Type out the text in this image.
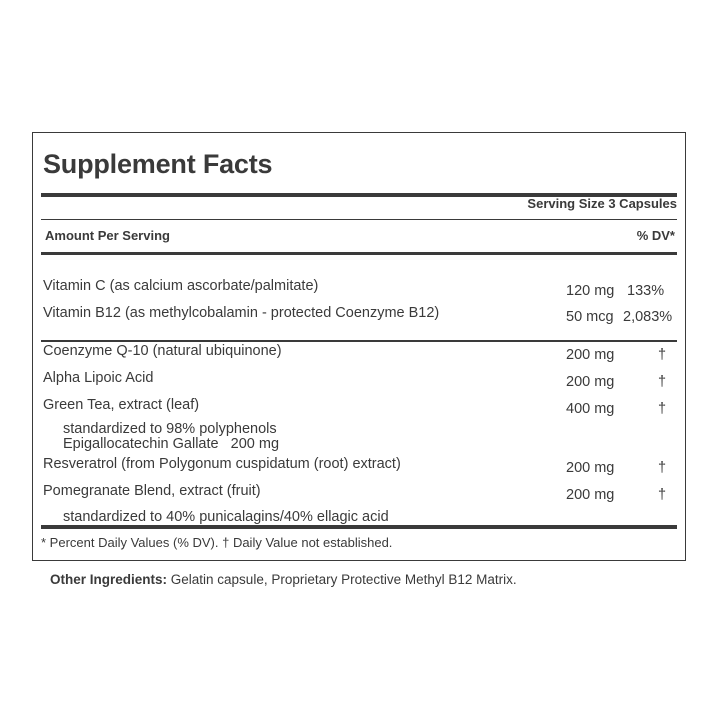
Supplement Facts
Serving Size 3 Capsules
Amount Per Serving	% DV*
Vitamin C (as calcium ascorbate/palmitate)	120 mg 133%
Vitamin B12 (as methylcobalamin - protected Coenzyme B12)	50 mcg 2,083%
Coenzyme Q-10 (natural ubiquinone)	200 mg	†
Alpha Lipoic Acid	200 mg	†
Green Tea, extract (leaf)	400 mg	†
standardized to 98% polyphenols
Epigallocatechin Gallate   200 mg
Resveratrol (from Polygonum cuspidatum (root) extract)	200 mg	†
Pomegranate Blend, extract (fruit)	200 mg	†
standardized to 40% punicalagins/40% ellagic acid
* Percent Daily Values (% DV). † Daily Value not established.
Other Ingredients: Gelatin capsule, Proprietary Protective Methyl B12 Matrix.
